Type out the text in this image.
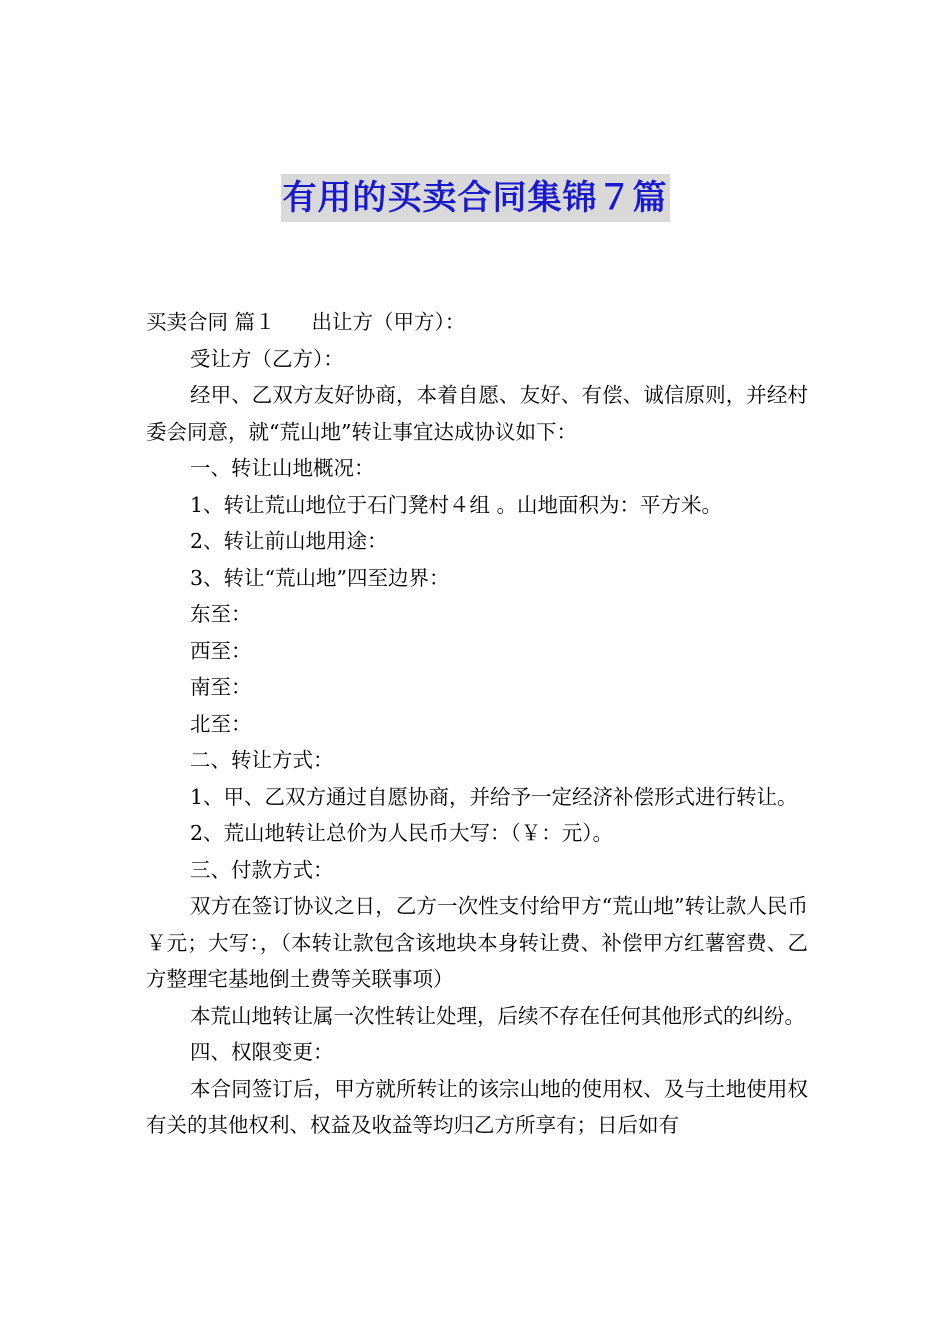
有用的买卖合同集锦７篇

买卖合同 篇１ 出让方（甲方）：

受让方（乙方）：

经甲、乙双方友好协商，本着自愿、友好、有偿、诚信原则，并经村委会同意，就“荒山地”转让事宜达成协议如下：

一、转让山地概况：

1、转让荒山地位于石门凳村４组 。山地面积为：平方米。

2、转让前山地用途：

3、转让“荒山地”四至边界：

东至：

西至：

南至：

北至：

二、转让方式：

1、甲、乙双方通过自愿协商，并给予一定经济补偿形式进行转让。

2、荒山地转让总价为人民币大写：（￥：元）。

三、付款方式：

双方在签订协议之日，乙方一次性支付给甲方“荒山地”转让款人民币￥元；大写：，（本转让款包含该地块本身转让费、补偿甲方红薯窖费、乙方整理宅基地倒土费等关联事项）

本荒山地转让属一次性转让处理，后续不存在任何其他形式的纠纷。

四、权限变更：

本合同签订后，甲方就所转让的该宗山地的使用权、及与土地使用权有关的其他权利、权益及收益等均归乙方所享有；日后如有
